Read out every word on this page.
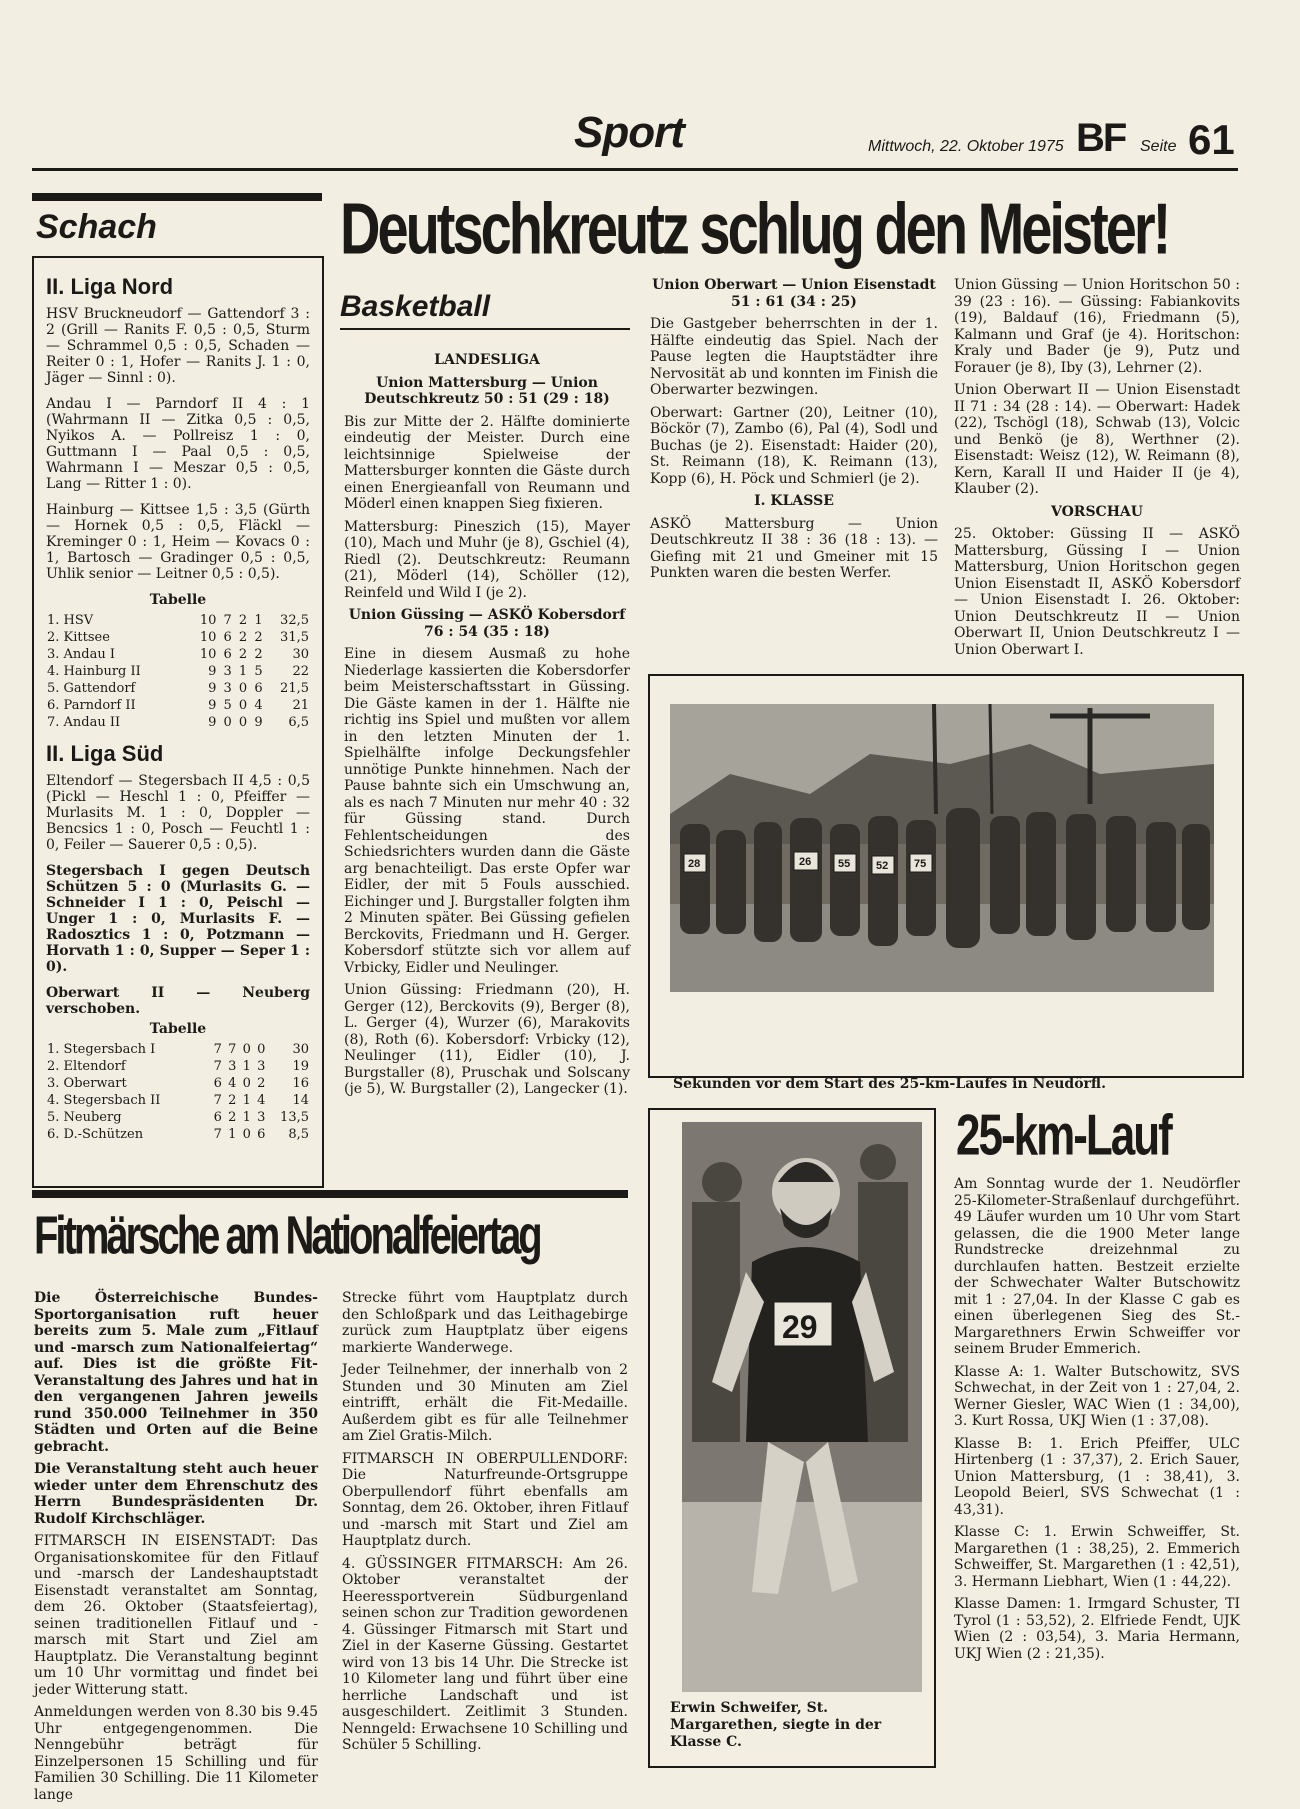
Sport	Mittwoch, 22. Oktober 1975 BF Seite 61
Deutschkreutz schlug den Meister!
Schach
II. Liga Nord

HSV Bruckneudorf — Gattendorf 3 : 2 (Grill — Ranits F. 0,5 : 0,5, Sturm — Schrammel 0,5 : 0,5, Schaden — Reiter 0 : 1, Hofer — Ranits J. 1 : 0, Jäger — Sinnl : 0).

Andau I — Parndorf II 4 : 1 (Wahrmann II — Zitka 0,5 : 0,5, Nyikos A. — Pollreisz 1 : 0, Guttmann I — Paal 0,5 : 0,5, Wahrmann I — Meszar 0,5 : 0,5, Lang — Ritter 1 : 0).

Hainburg — Kittsee 1,5 : 3,5 (Gürth — Hornek 0,5 : 0,5, Fläckl — Kreminger 0 : 1, Heim — Kovacs 0 : 1, Bartosch — Gradinger 0,5 : 0,5, Uhlik senior — Leitner 0,5 : 0,5).

Tabelle
1. HSV	10	7	2	1	32,5
2. Kittsee	10	6	2	2	31,5
3. Andau I	10	6	2	2	30
4. Hainburg II	9	3	1	5	22
5. Gattendorf	9	3	0	6	21,5
6. Parndorf II	9	5	0	4	21
7. Andau II	9	0	0	9	6,5
II. Liga Süd

Eltendorf — Stegersbach II 4,5 : 0,5 (Pickl — Heschl 1 : 0, Pfeiffer — Murlasits M. 1 : 0, Doppler — Bencsics 1 : 0, Posch — Feuchtl 1 : 0, Feiler — Sauerer 0,5 : 0,5).

Stegersbach I gegen Deutsch Schützen 5 : 0 (Murlasits G. — Schneider I 1 : 0, Peischl — Unger 1 : 0, Murlasits F. — Radosztics 1 : 0, Potzmann — Horvath 1 : 0, Supper — Seper 1 : 0).

Oberwart II — Neuberg verschoben.

Tabelle
1. Stegersbach I	7	7	0	0	30
2. Eltendorf	7	3	1	3	19
3. Oberwart	6	4	0	2	16
4. Stegersbach II	7	2	1	4	14
5. Neuberg	6	2	1	3	13,5
6. D.-Schützen	7	1	0	6	8,5
Basketball
LANDESLIGA

Union Mattersburg — Union Deutschkreutz 50 : 51 (29 : 18)

Bis zur Mitte der 2. Hälfte dominierte eindeutig der Meister. Durch eine leichtsinnige Spielweise der Mattersburger konnten die Gäste durch einen Energieanfall von Reumann und Möderl einen knappen Sieg fixieren.

Mattersburg: Pineszich (15), Mayer (10), Mach und Muhr (je 8), Gschiel (4), Riedl (2). Deutschkreutz: Reumann (21), Möderl (14), Schöller (12), Reinfeld und Wild I (je 2).

Union Güssing — ASKÖ Kobersdorf 76 : 54 (35 : 18)

Eine in diesem Ausmaß zu hohe Niederlage kassierten die Kobersdorfer beim Meisterschaftsstart in Güssing. Die Gäste kamen in der 1. Hälfte nie richtig ins Spiel und mußten vor allem in den letzten Minuten der 1. Spielhälfte infolge Deckungsfehler unnötige Punkte hinnehmen. Nach der Pause bahnte sich ein Umschwung an, als es nach 7 Minuten nur mehr 40 : 32 für Güssing stand. Durch Fehlentscheidungen des Schiedsrichters wurden dann die Gäste arg benachteiligt. Das erste Opfer war Eidler, der mit 5 Fouls ausschied. Eichinger und J. Burgstaller folgten ihm 2 Minuten später. Bei Güssing gefielen Berckovits, Friedmann und H. Gerger. Kobersdorf stützte sich vor allem auf Vrbicky, Eidler und Neulinger.

Union Güssing: Friedmann (20), H. Gerger (12), Berckovits (9), Berger (8), L. Gerger (4), Wurzer (6), Marakovits (8), Roth (6). Kobersdorf: Vrbicky (12), Neulinger (11), Eidler (10), J. Burgstaller (8), Pruschak und Solscany (je 5), W. Burgstaller (2), Langecker (1).

Union Oberwart — Union Eisenstadt 51 : 61 (34 : 25)

Die Gastgeber beherrschten in der 1. Hälfte eindeutig das Spiel. Nach der Pause legten die Hauptstädter ihre Nervosität ab und konnten im Finish die Oberwarter bezwingen.

Oberwart: Gartner (20), Leitner (10), Böckör (7), Zambo (6), Pal (4), Sodl und Buchas (je 2). Eisenstadt: Haider (20), St. Reimann (18), K. Reimann (13), Kopp (6), H. Pöck und Schmierl (je 2).

I. KLASSE

ASKÖ Mattersburg — Union Deutschkreutz II 38 : 36 (18 : 13). — Giefing mit 21 und Gmeiner mit 15 Punkten waren die besten Werfer.

Union Güssing — Union Horitschon 50 : 39 (23 : 16). — Güssing: Fabiankovits (19), Baldauf (16), Friedmann (5), Kalmann und Graf (je 4). Horitschon: Kraly und Bader (je 9), Putz und Forauer (je 8), Iby (3), Lehrner (2).

Union Oberwart II — Union Eisenstadt II 71 : 34 (28 : 14). — Oberwart: Hadek (22), Tschögl (18), Schwab (13), Volcic und Benkö (je 8), Werthner (2). Eisenstadt: Weisz (12), W. Reimann (8), Kern, Karall II und Haider II (je 4), Klauber (2).

VORSCHAU

25. Oktober: Güssing II — ASKÖ Mattersburg, Güssing I — Union Mattersburg, Union Horitschon gegen Union Eisenstadt II, ASKÖ Kobersdorf — Union Eisenstadt I. 26. Oktober: Union Deutschkreutz II — Union Oberwart II, Union Deutschkreutz I — Union Oberwart I.

28	26 55 52 75
Sekunden vor dem Start des 25-km-Laufes in Neudörfl.
29
Erwin Schweifer, St. Margarethen, siegte in der Klasse C.
25-km-Lauf

Am Sonntag wurde der 1. Neudörfler 25-Kilometer-Straßenlauf durchgeführt. 49 Läufer wurden um 10 Uhr vom Start gelassen, die die 1900 Meter lange Rundstrecke dreizehnmal zu durchlaufen hatten. Bestzeit erzielte der Schwechater Walter Butschowitz mit 1 : 27,04. In der Klasse C gab es einen überlegenen Sieg des St.-Margarethners Erwin Schweiffer vor seinem Bruder Emmerich.

Klasse A: 1. Walter Butschowitz, SVS Schwechat, in der Zeit von 1 : 27,04, 2. Werner Giesler, WAC Wien (1 : 34,00), 3. Kurt Rossa, UKJ Wien (1 : 37,08).

Klasse B: 1. Erich Pfeiffer, ULC Hirtenberg (1 : 37,37), 2. Erich Sauer, Union Mattersburg, (1 : 38,41), 3. Leopold Beierl, SVS Schwechat (1 : 43,31).

Klasse C: 1. Erwin Schweiffer, St. Margarethen (1 : 38,25), 2. Emmerich Schweiffer, St. Margarethen (1 : 42,51), 3. Hermann Liebhart, Wien (1 : 44,22).

Klasse Damen: 1. Irmgard Schuster, TI Tyrol (1 : 53,52), 2. Elfriede Fendt, UJK Wien (2 : 03,54), 3. Maria Hermann, UKJ Wien (2 : 21,35).

Fitmärsche am Nationalfeiertag

Die Österreichische Bundes-Sportorganisation ruft heuer bereits zum 5. Male zum „Fitlauf und -marsch zum Nationalfeiertag“ auf. Dies ist die größte Fit-Veranstaltung des Jahres und hat in den vergangenen Jahren jeweils rund 350.000 Teilnehmer in 350 Städten und Orten auf die Beine gebracht.

Die Veranstaltung steht auch heuer wieder unter dem Ehrenschutz des Herrn Bundespräsidenten Dr. Rudolf Kirchschläger.

FITMARSCH IN EISENSTADT: Das Organisationskomitee für den Fitlauf und -marsch der Landeshauptstadt Eisenstadt veranstaltet am Sonntag, dem 26. Oktober (Staatsfeiertag), seinen traditionellen Fitlauf und -marsch mit Start und Ziel am Hauptplatz. Die Veranstaltung beginnt um 10 Uhr vormittag und findet bei jeder Witterung statt.

Anmeldungen werden von 8.30 bis 9.45 Uhr entgegengenommen. Die Nenngebühr beträgt für Einzelpersonen 15 Schilling und für Familien 30 Schilling. Die 11 Kilometer lange

Strecke führt vom Hauptplatz durch den Schloßpark und das Leithagebirge zurück zum Hauptplatz über eigens markierte Wanderwege.

Jeder Teilnehmer, der innerhalb von 2 Stunden und 30 Minuten am Ziel eintrifft, erhält die Fit-Medaille. Außerdem gibt es für alle Teilnehmer am Ziel Gratis-Milch.

FITMARSCH IN OBERPULLENDORF: Die Naturfreunde-Ortsgruppe Oberpullendorf führt ebenfalls am Sonntag, dem 26. Oktober, ihren Fitlauf und -marsch mit Start und Ziel am Hauptplatz durch.

4. GÜSSINGER FITMARSCH: Am 26. Oktober veranstaltet der Heeressportverein Südburgenland seinen schon zur Tradition gewordenen 4. Güssinger Fitmarsch mit Start und Ziel in der Kaserne Güssing. Gestartet wird von 13 bis 14 Uhr. Die Strecke ist 10 Kilometer lang und führt über eine herrliche Landschaft und ist ausgeschildert. Zeitlimit 3 Stunden. Nenngeld: Erwachsene 10 Schilling und Schüler 5 Schilling.
